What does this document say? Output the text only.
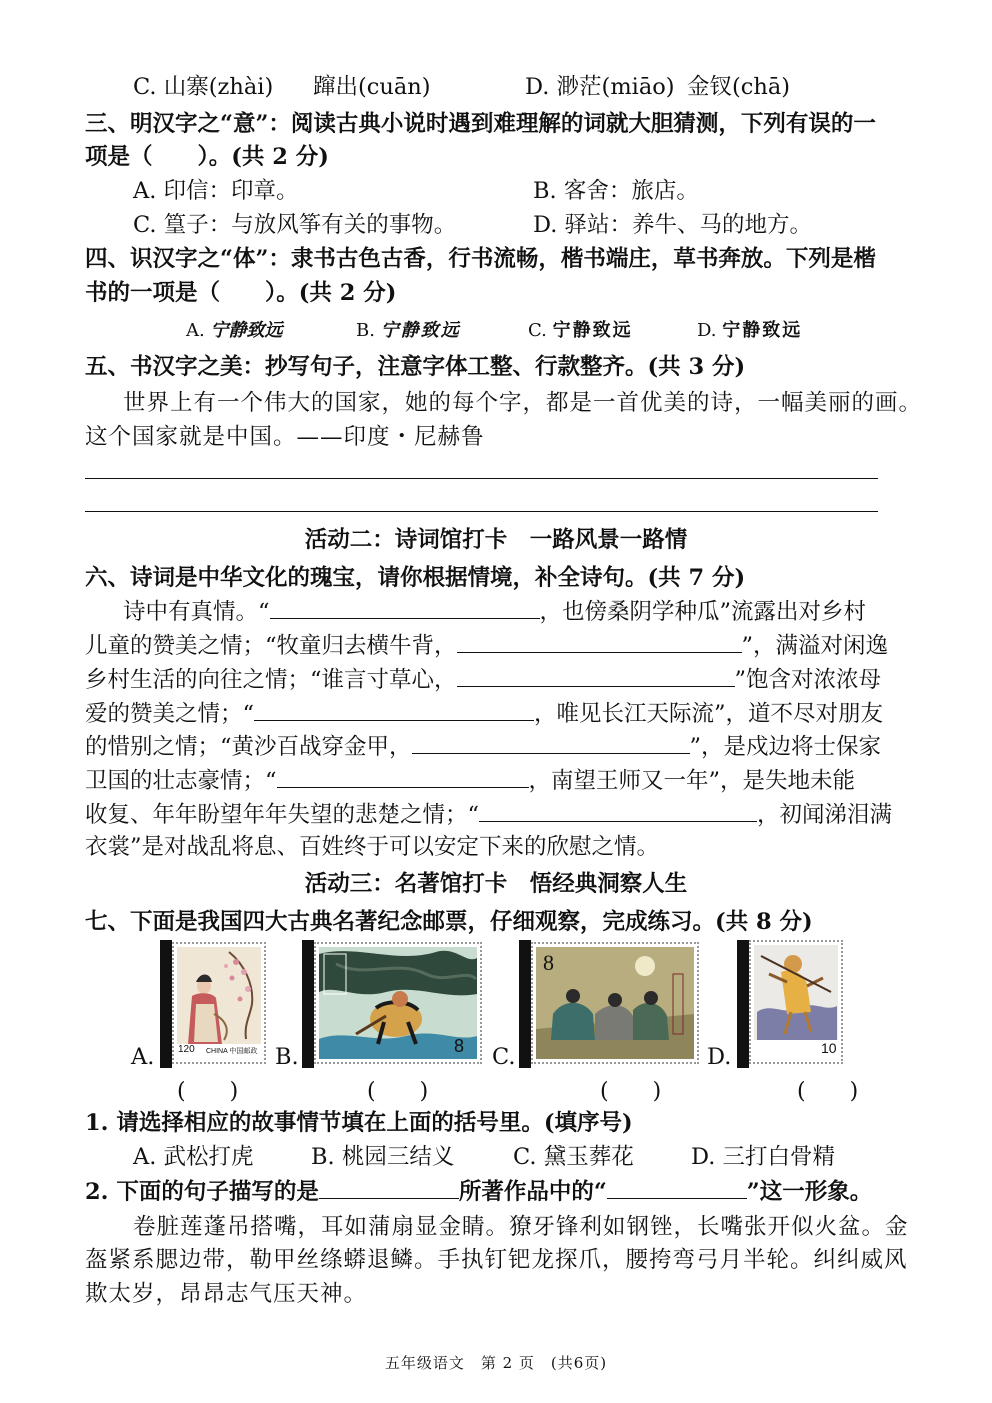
C. 山寨(zhài) 蹿出(cuān)	D. 渺茫(miāo) 金钗(chā)
三、明汉字之“意”：阅读古典小说时遇到难理解的词就大胆猜测，下列有误的一
项是（　　）。(共 2 分)
A. 印信：印章。	B. 客舍：旅店。
C. 篁子：与放风筝有关的事物。	D. 驿站：养牛、马的地方。
四、识汉字之“体”：隶书古色古香，行书流畅，楷书端庄，草书奔放。下列是楷
书的一项是（　　）。(共 2 分)
A. 宁静致远	B. 宁静致远	C. 宁静致远	D. 宁静致远
五、书汉字之美：抄写句子，注意字体工整、行款整齐。(共 3 分)
世界上有一个伟大的国家，她的每个字，都是一首优美的诗，一幅美丽的画。
这个国家就是中国。——印度・尼赫鲁
活动二：诗词馆打卡　一路风景一路情
六、诗词是中华文化的瑰宝，请你根据情境，补全诗句。(共 7 分)
诗中有真情。“	，也傍桑阴学种瓜”流露出对乡村
儿童的赞美之情；“牧童归去横牛背，	”，满溢对闲逸
乡村生活的向往之情；“谁言寸草心，	”饱含对浓浓母
爱的赞美之情；“	，唯见长江天际流”，道不尽对朋友
的惜别之情；“黄沙百战穿金甲，	”，是戍边将士保家
卫国的壮志豪情；“	，南望王师又一年”，是失地未能
收复、年年盼望年年失望的悲楚之情；“	，初闻涕泪满
衣裳”是对战乱将息、百姓终于可以安定下来的欣慰之情。
活动三：名著馆打卡　悟经典洞察人生
七、下面是我国四大古典名著纪念邮票，仔细观察，完成练习。(共 8 分)
A. 120 CHINA 中国邮政
(　　)
B.	8
(　　)
C.
8
(　　)
D.	10
(　　)
1. 请选择相应的故事情节填在上面的括号里。(填序号)
A. 武松打虎	B. 桃园三结义	C. 黛玉葬花	D. 三打白骨精
2. 下面的句子描写的是	所著作品中的“	”这一形象。
卷脏莲蓬吊搭嘴，耳如蒲扇显金睛。獠牙锋利如钢锉，长嘴张开似火盆。金
盔紧系腮边带，勒甲丝绦蟒退鳞。手执钉钯龙探爪，腰挎弯弓月半轮。纠纠威风
欺太岁，昂昂志气压天神。
五年级语文　第 2 页　(共6页)
